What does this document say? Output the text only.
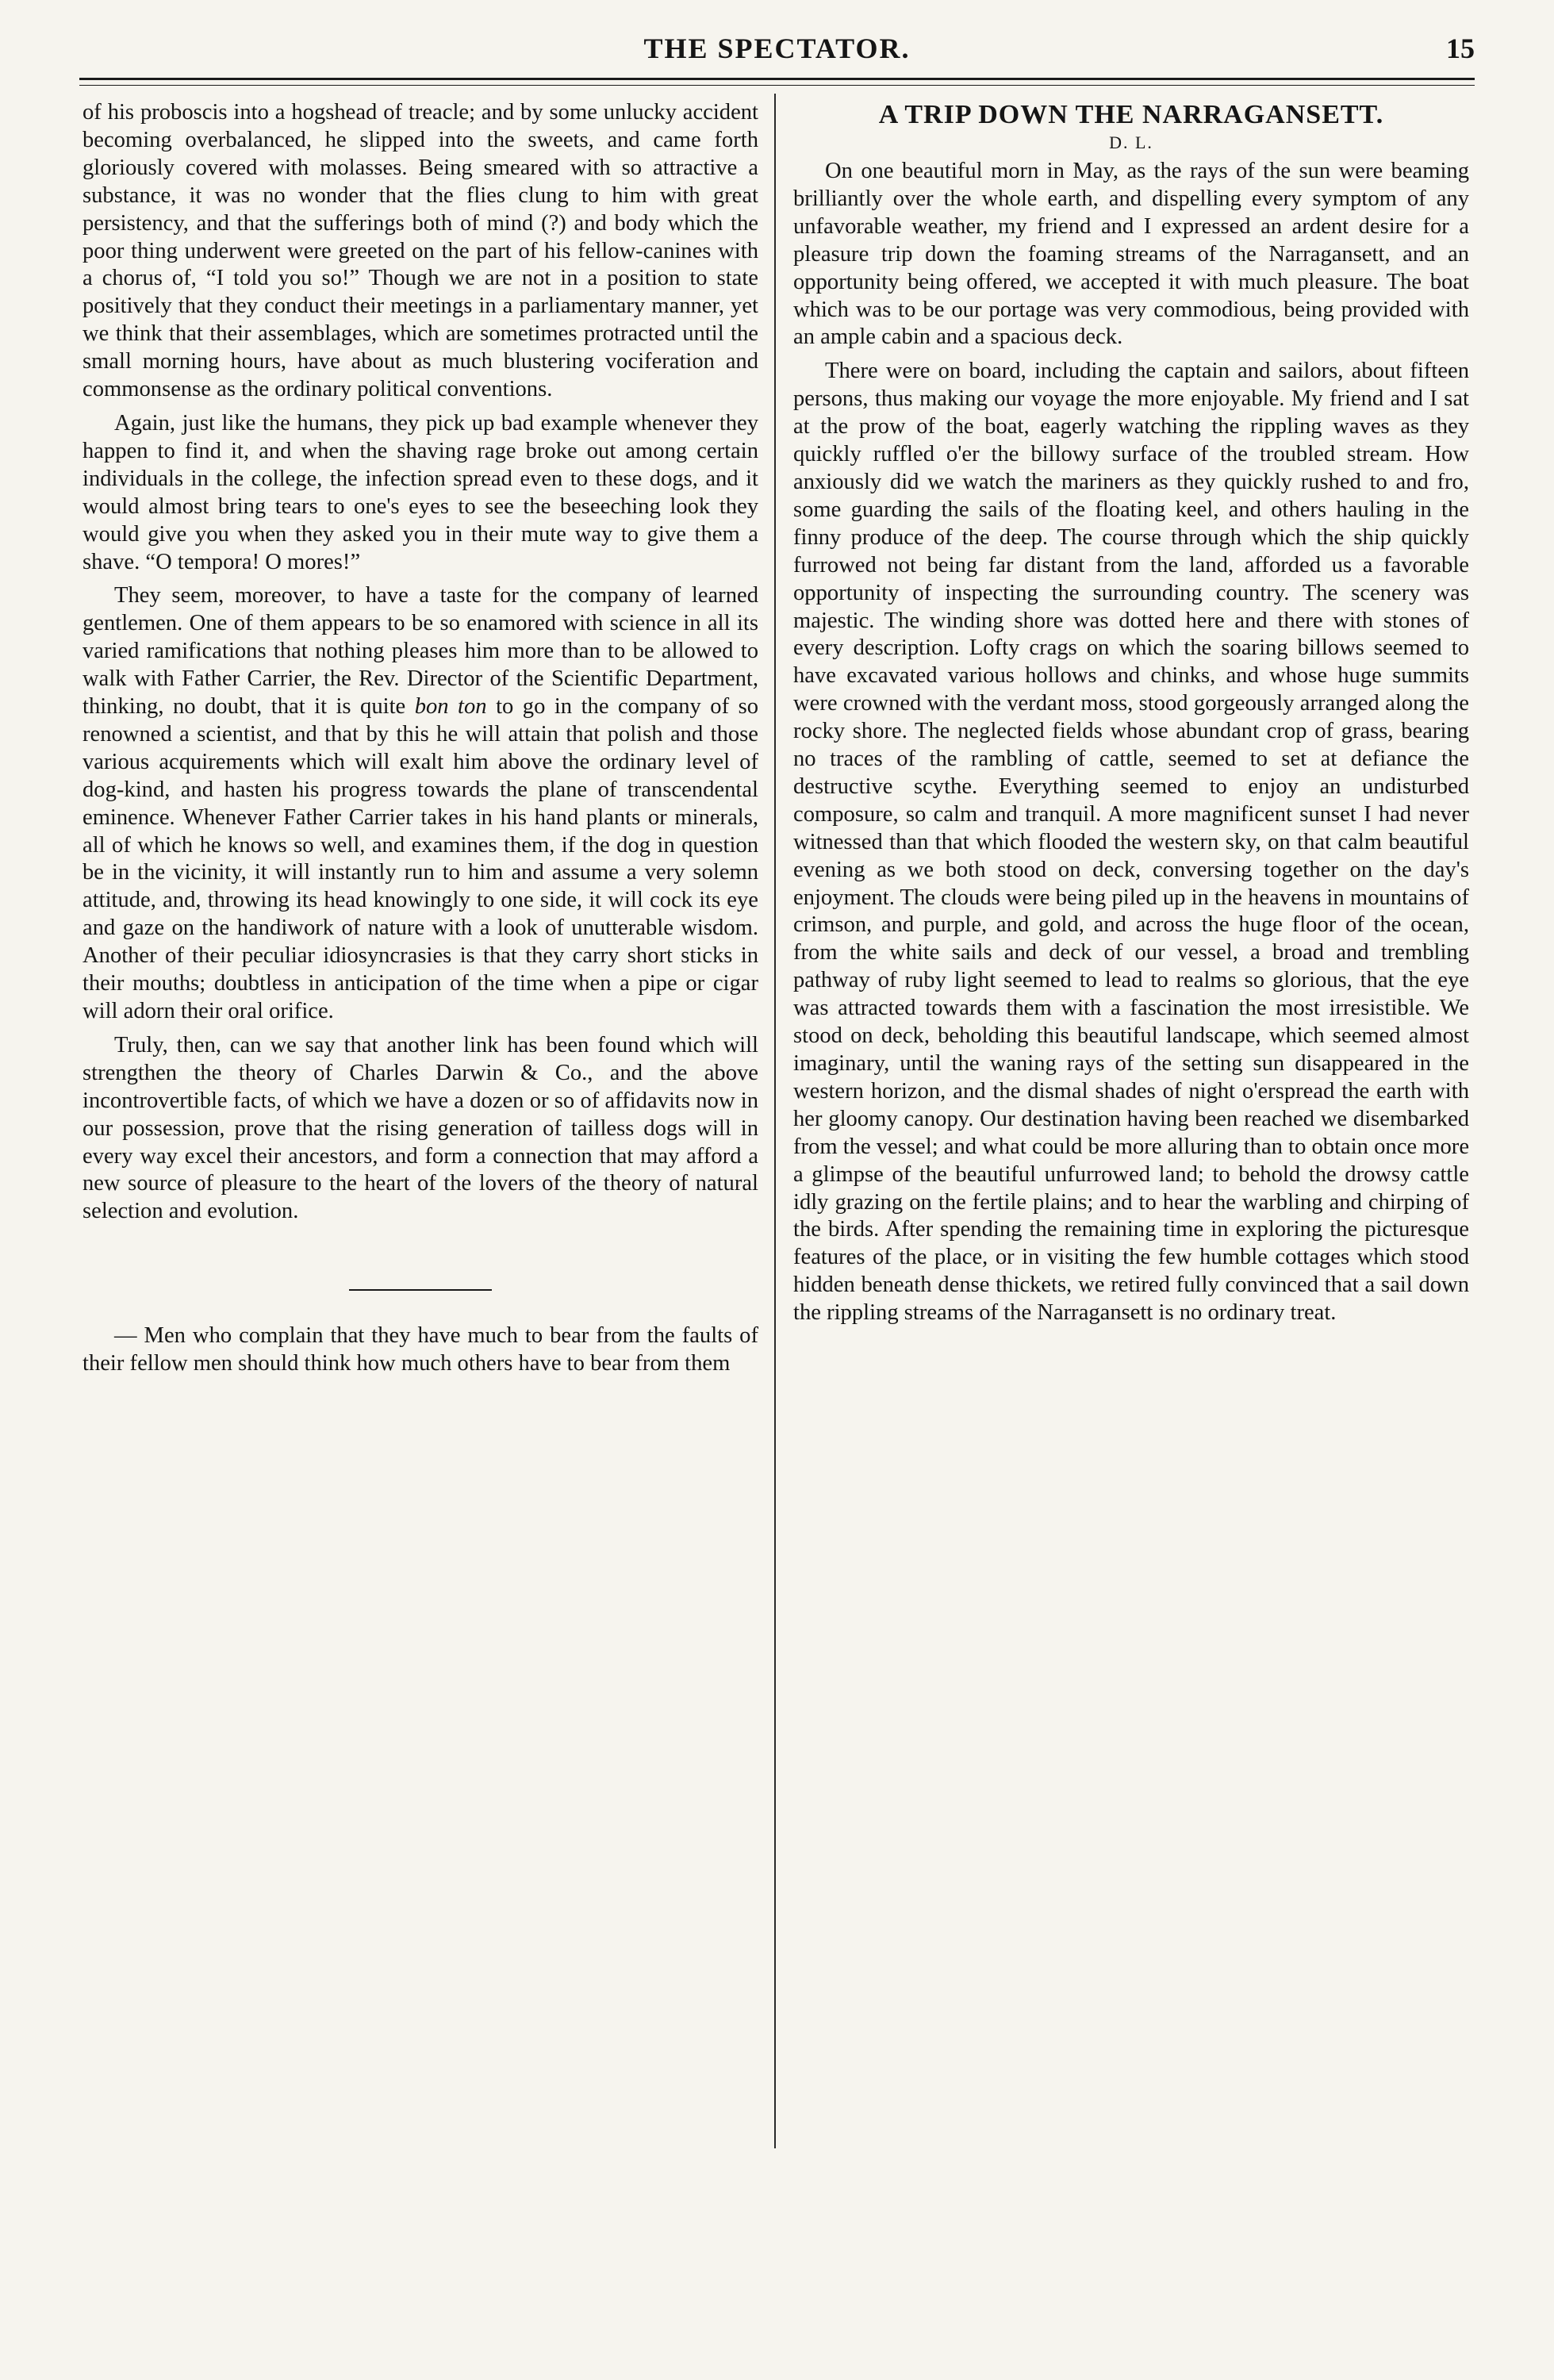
THE SPECTATOR.	15

of his proboscis into a hogshead of treacle; and by some unlucky accident becoming overbalanced, he slipped into the sweets, and came forth gloriously covered with molasses. Being smeared with so attractive a substance, it was no wonder that the flies clung to him with great persistency, and that the sufferings both of mind (?) and body which the poor thing underwent were greeted on the part of his fellow-canines with a chorus of, “I told you so!” Though we are not in a position to state positively that they conduct their meetings in a parliamentary manner, yet we think that their assemblages, which are sometimes protracted until the small morning hours, have about as much blustering vociferation and commonsense as the ordinary political conventions.

Again, just like the humans, they pick up bad example whenever they happen to find it, and when the shaving rage broke out among certain individuals in the college, the infection spread even to these dogs, and it would almost bring tears to one's eyes to see the beseeching look they would give you when they asked you in their mute way to give them a shave. “O tempora! O mores!”

They seem, moreover, to have a taste for the company of learned gentlemen. One of them appears to be so enamored with science in all its varied ramifications that nothing pleases him more than to be allowed to walk with Father Carrier, the Rev. Director of the Scientific Department, thinking, no doubt, that it is quite bon ton to go in the company of so renowned a scientist, and that by this he will attain that polish and those various acquirements which will exalt him above the ordinary level of dog-kind, and hasten his progress towards the plane of transcendental eminence. Whenever Father Carrier takes in his hand plants or minerals, all of which he knows so well, and examines them, if the dog in question be in the vicinity, it will instantly run to him and assume a very solemn attitude, and, throwing its head knowingly to one side, it will cock its eye and gaze on the handiwork of nature with a look of unutterable wisdom. Another of their peculiar idiosyncrasies is that they carry short sticks in their mouths; doubtless in anticipation of the time when a pipe or cigar will adorn their oral orifice.

Truly, then, can we say that another link has been found which will strengthen the theory of Charles Darwin & Co., and the above incontrovertible facts, of which we have a dozen or so of affidavits now in our possession, prove that the rising generation of tailless dogs will in every way excel their ancestors, and form a connection that may afford a new source of pleasure to the heart of the lovers of the theory of natural selection and evolution.

— Men who complain that they have much to bear from the faults of their fellow men should think how much others have to bear from them

A TRIP DOWN THE NARRAGANSETT.
D. L.

On one beautiful morn in May, as the rays of the sun were beaming brilliantly over the whole earth, and dispelling every symptom of any unfavorable weather, my friend and I expressed an ardent desire for a pleasure trip down the foaming streams of the Narragansett, and an opportunity being offered, we accepted it with much pleasure. The boat which was to be our portage was very commodious, being provided with an ample cabin and a spacious deck.

There were on board, including the captain and sailors, about fifteen persons, thus making our voyage the more enjoyable. My friend and I sat at the prow of the boat, eagerly watching the rippling waves as they quickly ruffled o'er the billowy surface of the troubled stream. How anxiously did we watch the mariners as they quickly rushed to and fro, some guarding the sails of the floating keel, and others hauling in the finny produce of the deep. The course through which the ship quickly furrowed not being far distant from the land, afforded us a favorable opportunity of inspecting the surrounding country. The scenery was majestic. The winding shore was dotted here and there with stones of every description. Lofty crags on which the soaring billows seemed to have excavated various hollows and chinks, and whose huge summits were crowned with the verdant moss, stood gorgeously arranged along the rocky shore. The neglected fields whose abundant crop of grass, bearing no traces of the rambling of cattle, seemed to set at defiance the destructive scythe. Everything seemed to enjoy an undisturbed composure, so calm and tranquil. A more magnificent sunset I had never witnessed than that which flooded the western sky, on that calm beautiful evening as we both stood on deck, conversing together on the day's enjoyment. The clouds were being piled up in the heavens in mountains of crimson, and purple, and gold, and across the huge floor of the ocean, from the white sails and deck of our vessel, a broad and trembling pathway of ruby light seemed to lead to realms so glorious, that the eye was attracted towards them with a fascination the most irresistible. We stood on deck, beholding this beautiful landscape, which seemed almost imaginary, until the waning rays of the setting sun disappeared in the western horizon, and the dismal shades of night o'erspread the earth with her gloomy canopy. Our destination having been reached we disembarked from the vessel; and what could be more alluring than to obtain once more a glimpse of the beautiful unfurrowed land; to behold the drowsy cattle idly grazing on the fertile plains; and to hear the warbling and chirping of the birds. After spending the remaining time in exploring the picturesque features of the place, or in visiting the few humble cottages which stood hidden beneath dense thickets, we retired fully convinced that a sail down the rippling streams of the Narragansett is no ordinary treat.
